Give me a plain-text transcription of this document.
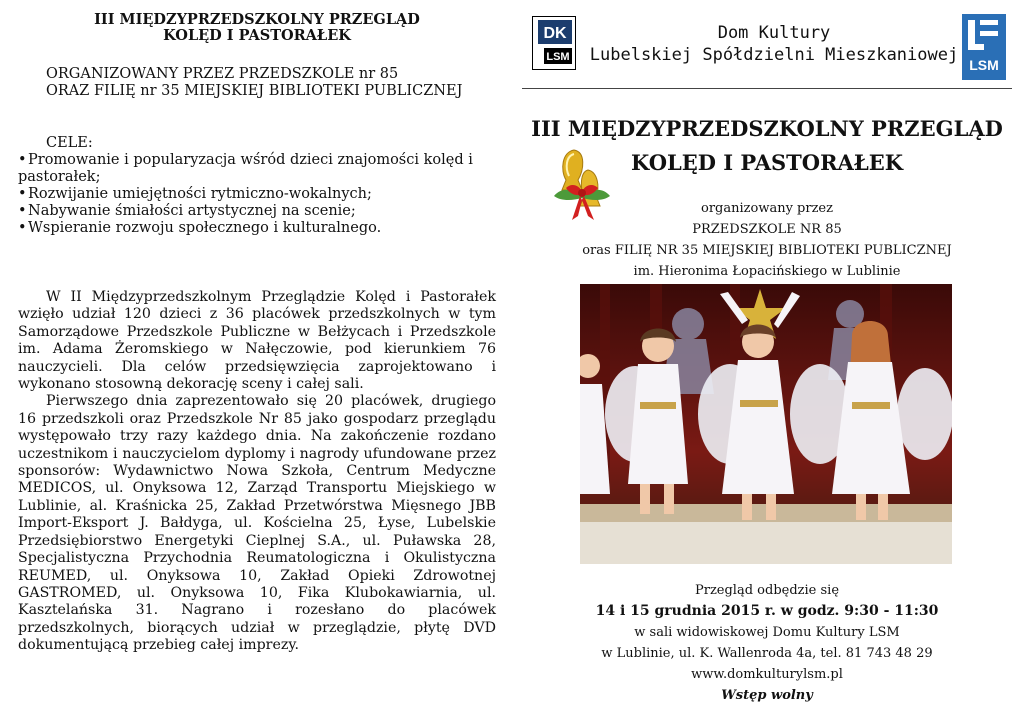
III MIĘDZYPRZEDSZKOLNY PRZEGLĄD

KOLĘD I PASTORAŁEK

ORGANIZOWANY PRZEZ PRZEDSZKOLE nr 85
ORAZ FILIĘ nr 35 MIEJSKIEJ BIBLIOTEKI PUBLICZNEJ
CELE:
•Promowanie i popularyzacja wśród dzieci znajomości kolęd i pastorałek;
•Rozwijanie umiejętności rytmiczno-wokalnych;
•Nabywanie śmiałości artystycznej na scenie;
•Wspieranie rozwoju społecznego i kulturalnego.

W II Międzyprzedszkolnym Przeglądzie Kolęd i Pastorałek wzięło udział 120 dzieci z 36 placówek przedszkolnych w tym Samorządowe Przedszkole Publiczne w Bełżycach i Przedszkole im. Adama Żeromskiego w Nałęczowie, pod kierunkiem 76 nauczycieli. Dla celów przedsięwzięcia zaprojektowano i wykonano stosowną dekorację sceny i całej sali.

Pierwszego dnia zaprezentowało się 20 placówek, drugiego 16 przedszkoli oraz Przedszkole Nr 85 jako gospodarz przeglądu występowało trzy razy każdego dnia. Na zakończenie rozdano uczestnikom i nauczycielom dyplomy i nagrody ufundowane przez sponsorów: Wydawnictwo Nowa Szkoła, Centrum Medyczne MEDICOS, ul. Onyksowa 12, Zarząd Transportu Miejskiego w Lublinie, al. Kraśnicka 25, Zakład Przetwórstwa Mięsnego JBB Import-Eksport J. Bałdyga, ul. Kościelna 25, Łyse, Lubelskie Przedsiębiorstwo Energetyki Cieplnej S.A., ul. Puławska 28, Specjalistyczna Przychodnia Reumatologiczna i Okulistyczna REUMED, ul. Onyksowa 10, Zakład Opieki Zdrowotnej GASTROMED, ul. Onyksowa 10, Fika Klubokawiarnia, ul. Kasztelańska 31. Nagrano i rozesłano do placówek przedszkolnych, biorących udział w przeglądzie, płytę DVD dokumentującą przebieg całej imprezy.

DK
LSM
Dom Kultury
Lubelskiej Spółdzielni Mieszkaniowej LSM
III MIĘDZYPRZEDSZKOLNY PRZEGLĄD
KOLĘD I PASTORAŁEK
organizowany przez
PRZEDSZKOLE NR 85
oras FILIĘ NR 35 MIEJSKIEJ BIBLIOTEKI PUBLICZNEJ
im. Hieronima Łopacińskiego w Lublinie
Przegląd odbędzie się
14 i 15 grudnia 2015 r. w godz. 9:30 - 11:30
w sali widowiskowej Domu Kultury LSM
w Lublinie, ul. K. Wallenroda 4a, tel. 81 743 48 29
www.domkulturylsm.pl
Wstęp wolny
